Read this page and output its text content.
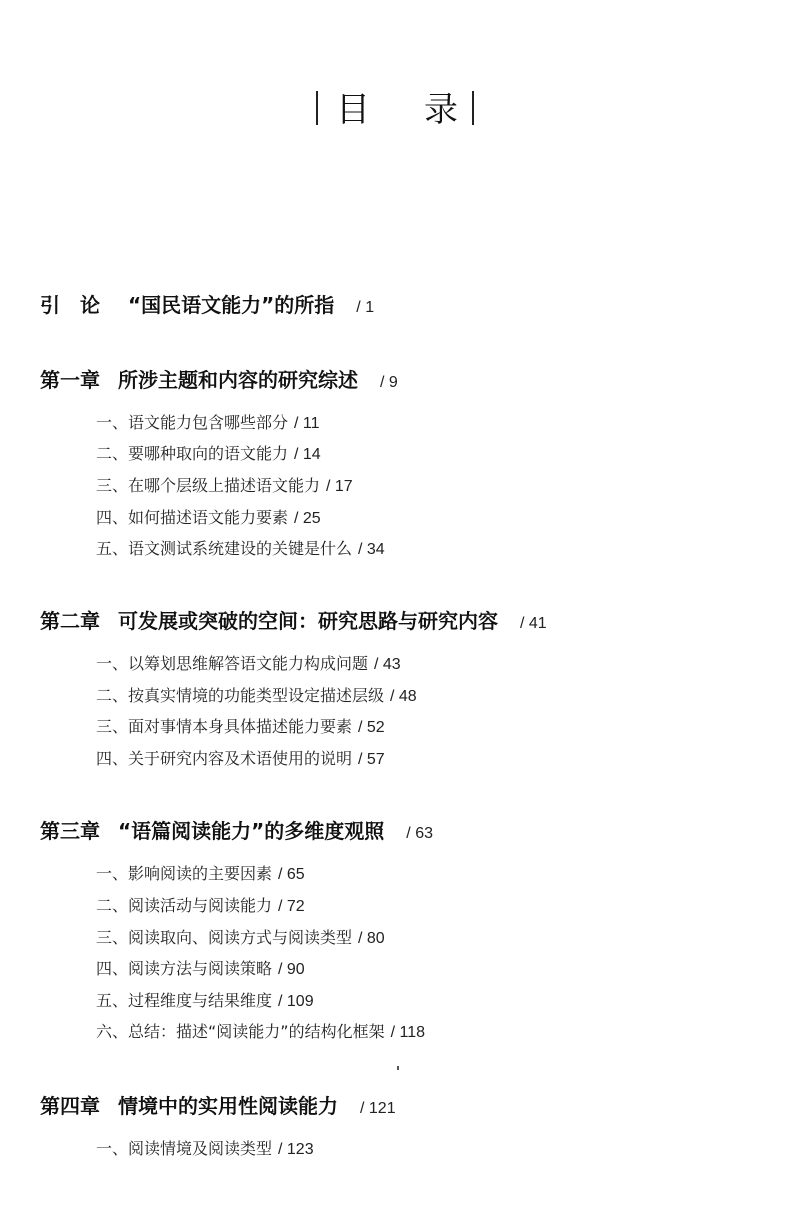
目 录
引　论 “国民语文能力”的所指 / 1
第一章 所涉主题和内容的研究综述 / 9
一、语文能力包含哪些部分 / 11
二、要哪种取向的语文能力 / 14
三、在哪个层级上描述语文能力 / 17
四、如何描述语文能力要素 / 25
五、语文测试系统建设的关键是什么 / 34
第二章 可发展或突破的空间：研究思路与研究内容 / 41
一、以筹划思维解答语文能力构成问题 / 43
二、按真实情境的功能类型设定描述层级 / 48
三、面对事情本身具体描述能力要素 / 52
四、关于研究内容及术语使用的说明 / 57
第三章 “语篇阅读能力”的多维度观照 / 63
一、影响阅读的主要因素 / 65
二、阅读活动与阅读能力 / 72
三、阅读取向、阅读方式与阅读类型 / 80
四、阅读方法与阅读策略 / 90
五、过程维度与结果维度 / 109
六、总结：描述“阅读能力”的结构化框架 / 118
第四章 情境中的实用性阅读能力 / 121
一、阅读情境及阅读类型 / 123
